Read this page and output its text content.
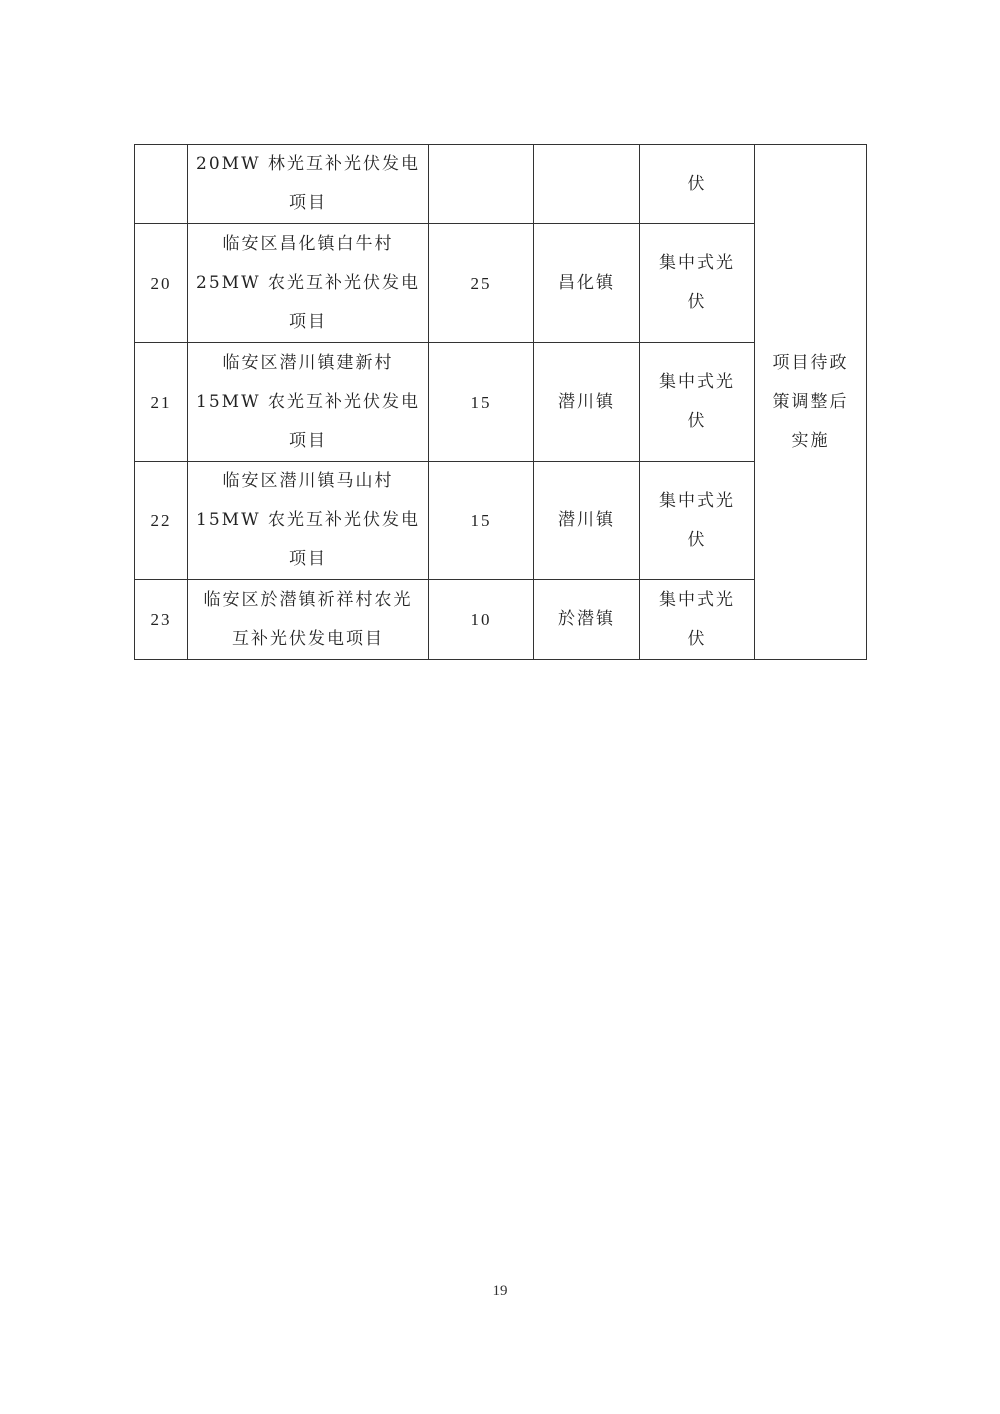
	20MW 林光互补光伏发电
项目			伏	项目待政
策调整后
实施
20	临安区昌化镇白牛村
25MW 农光互补光伏发电
项目	25	昌化镇	集中式光
伏	
21	临安区潜川镇建新村
15MW 农光互补光伏发电
项目	15	潜川镇	集中式光
伏	
22	临安区潜川镇马山村
15MW 农光互补光伏发电
项目	15	潜川镇	集中式光
伏	
23	临安区於潜镇祈祥村农光
互补光伏发电项目	10	於潜镇	集中式光
伏	
19
